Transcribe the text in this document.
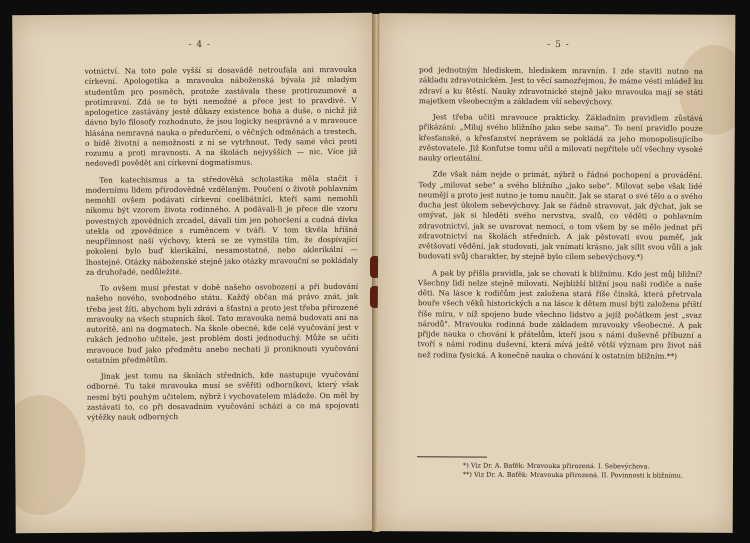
- 4 -

votnictví. Na toto pole vyšší si dosavádě netroufala ani mravouka církevní. Apologetika a mravouka náboženská bývala již mladým studentům pro posměch, protože zastávala these protirozumové a protimravní. Zdá se to býti nemožné a přece jest to pravdivé. V apologetice zastávány jestě důkazy existence boha a duše, o nichž již dávno bylo filosofy rozhodnuto, že jsou logicky nesprávné a v mravouce hlásána nemravná nauka o předurčení, o věčných odměnách a trestech, o bídě životní a nemožnosti z ní se vytrhnout. Tedy samé věci proti rozumu a proti mravnosti. A na školách nejvyšších — nic. Více již nedovedl povědět ani církevní dogmatismus.

Ten katechismus a ta středověká scholastika měla stačit i modernímu lidem přírodovědně vzdělaným. Poučení o životě pohlavním nemohli ovšem podávati církevní coelibátníci, kteří sami nemohli nikomu být vzorem života rodinného. A podávali-li je přece dle vzoru povestných zpovědních zrcadel, dávali tím jen pohoršení a cudná dívka utekla od zpovědnice s ruměncem v tváři. V tom tkvěla hříšná neupřímnost naší výchovy, která se ze vymstila tím, že dospívající pokolení bylo buď klerikální, nesamostatné, nebo aklerikální — lhostejné. Otázky náboženské stejně jako otázky mravouční se pokládaly za druhořadé, nedůležité.

To ovšem musí přestat v době našeho osvobození a při budování našeho nového, svobodného státu. Každý občan má právo znát, jak třeba jest žíti, abychom byli zdrávi a šťastni a proto jest třeba přirozené mravouky na všech stupních škol. Tato mravouka nemá budovati ani na autoritě, ani na dogmatech. Na škole obecné, kde celé vyučování jest v rukách jednoho učitele, jest problém dosti jednoduchý. Může se učiti mravouce buď jako předmětu anebo nechati ji proniknouti vyučování ostatním předmětům.

Jinak jest tomu na školách středních, kde nastupuje vyučování odborné. Tu také mravouka musí se svěřiti odborníkovi, který však nesmí býti pouhým učitelem, nýbrž i vychovatelem mládeže. On měl by zastávati to, co při dosavadním vyučování schází a co má spojovati výtěžky nauk odborných

- 5 -

pod jednotným hlediskem, hlediskem mravním. I zde staviti nutno na základu zdravotnickém. Jest to věcí samozřejmou, že máme vésti mládež ku zdraví a ku štěstí. Nauky zdravotnické stejně jako mravouka mají se státi majetkem všeobecným a základem vší sebevýchovy.

Jest třeba učiti mravouce prakticky. Základním pravidlem zůstává přikázání: „Miluj svého bližního jako sebe sama". To není pravidlo pouze křesťanské, a křesťanství neprávem se pokládá za jeho monopolisujícího zvěstovatele. Již Konfutse tomu učil a milovati nepřítele učí všechny vysoké nauky orientální.

Zde však nám nejde o primát, nýbrž o řádné pochopení a provádění. Tedy „milovat sebe" a svého bližního „jako sebe". Milovat sebe však lidé neumějí a proto jest nutno je tomu naučit. Jak se starat o své tělo a o svého ducha jest úkolem sebevýchovy. Jak se řádně stravovat, jak dýchat, jak se omývat, jak si hleděti svého nervstva, svalů, co věděti o pohlavním zdravotnictví, jak se uvarovat nemocí, o tom všem by se mělo jednat při zdravotnictví na školách středních. A jak pěstovati svou paměť, jak zvětšovati vědění, jak studovati, jak vnímati krásno, jak sílit svou vůli a jak budovati svůj charakter, by stejně bylo cílem sebevýchovy.*)

A pak by přišla pravidla, jak se chovati k bližnímu. Kdo jest můj bližní? Všechny lidi nelze stejně milovati. Nejbližší bližní jsou naši rodiče a naše děti. Na lásce k rodičům jest založena stará říše čínská, která přetrvala bouře všech věků historických a na lásce k dětem musí býti založena příští říše míru, v níž spojeno bude všechno lidstvo a jejíž počátkem jest „svaz národů". Mravouka rodinná bude základem mravouky všeobecné. A pak přijde nauka o chování k přátelům, kteří jsou s námi duševně příbuzní a tvoří s námi rodinu duševní, která mívá ještě větší význam pro život náš než rodina fysická. A konečně nauka o chování k ostatním bližním.**)

*) Viz Dr. A. Baťěk: Mravouka přirozená. I. Sebevýchova.
**) Viz Dr. A. Baťěk: Mravouka přirozená. II. Povinnosti k bližnímu.
